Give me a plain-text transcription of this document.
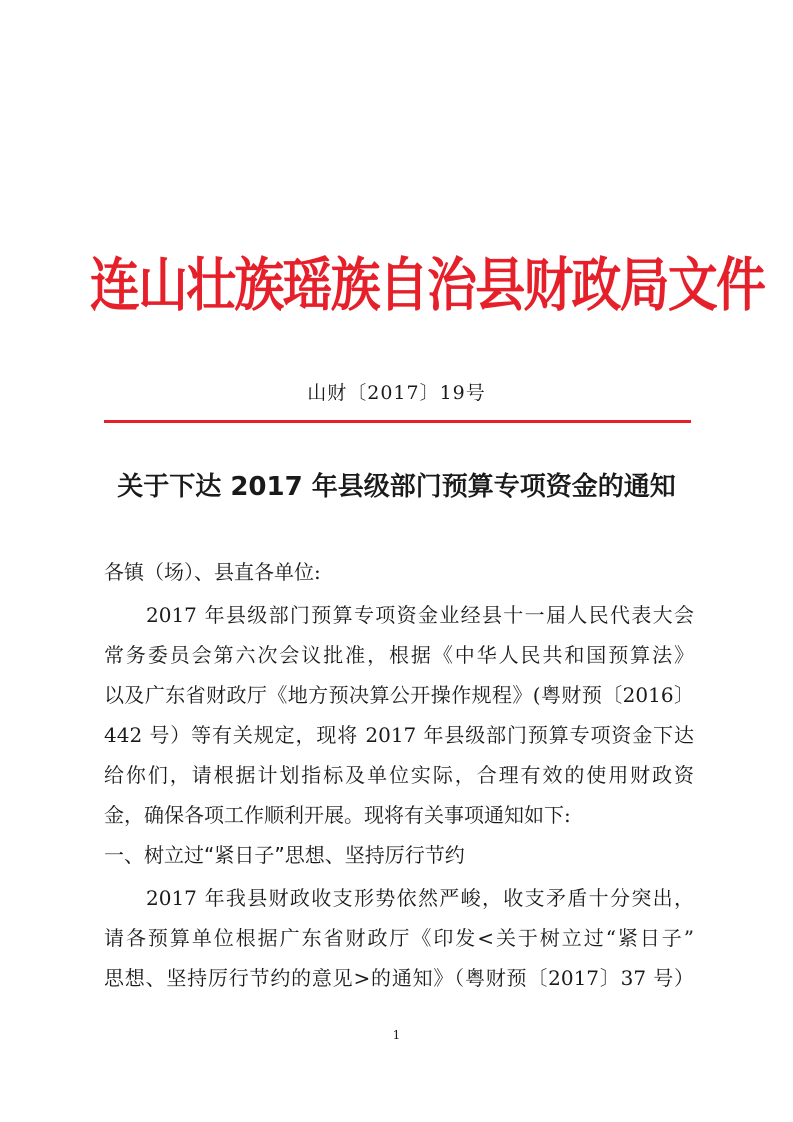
连山壮族瑶族自治县财政局文件
山财〔2017〕19号
关于下达 2017 年县级部门预算专项资金的通知
各镇（场）、县直各单位:
2017 年县级部门预算专项资金业经县十一届人民代表大会
常务委员会第六次会议批准，根据《中华人民共和国预算法》
以及广东省财政厅《地方预决算公开操作规程》(粤财预〔2016〕
442 号）等有关规定，现将 2017 年县级部门预算专项资金下达
给你们，请根据计划指标及单位实际，合理有效的使用财政资
金，确保各项工作顺利开展。现将有关事项通知如下:
一、树立过“紧日子”思想、坚持厉行节约
2017 年我县财政收支形势依然严峻，收支矛盾十分突出，
请各预算单位根据广东省财政厅《印发<关于树立过“紧日子”
思想、坚持厉行节约的意见>的通知》（粤财预〔2017〕37 号）
1
